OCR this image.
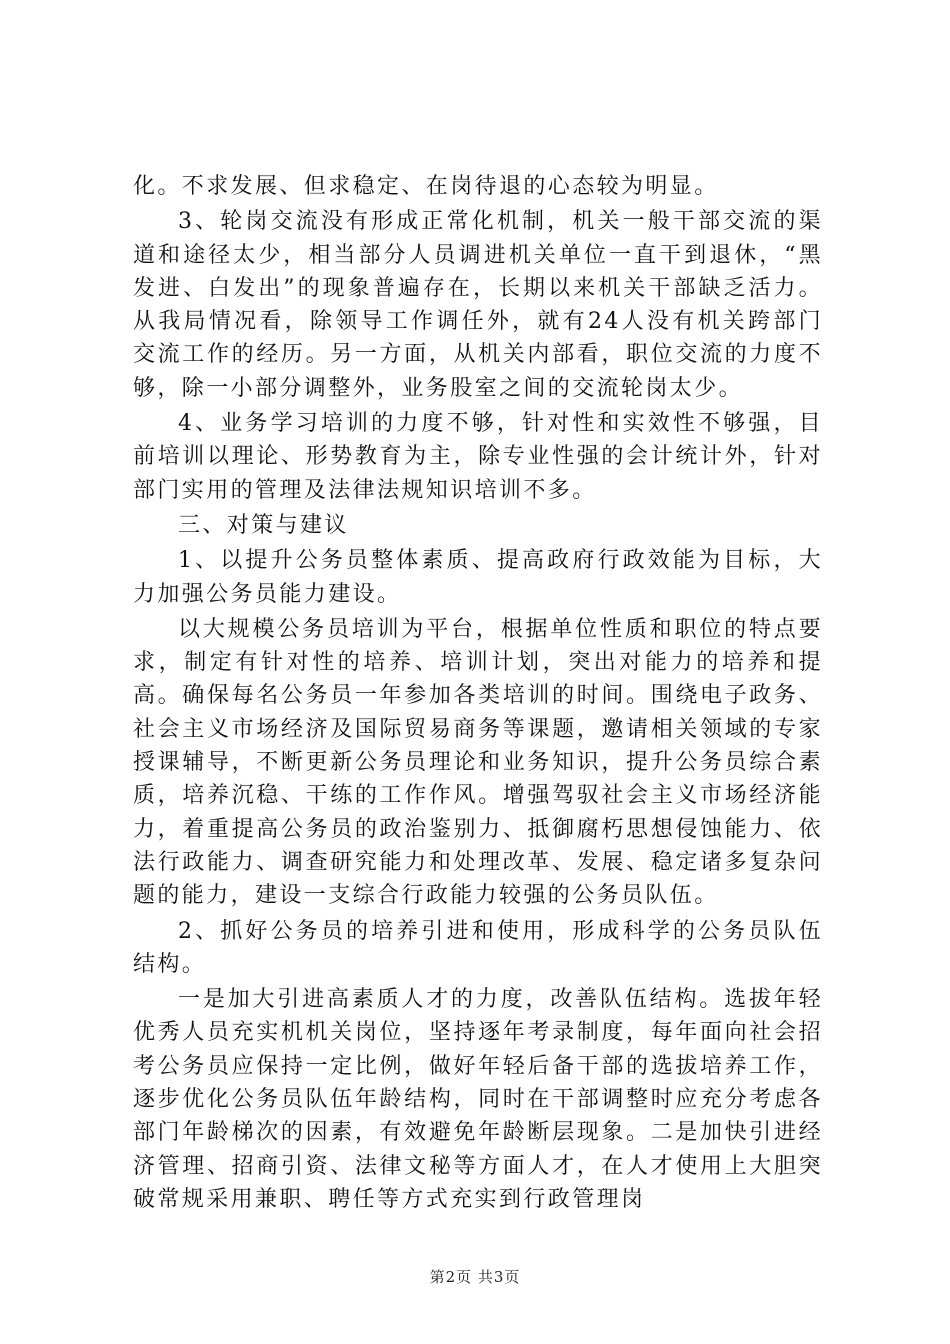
化。不求发展、但求稳定、在岗待退的心态较为明显。

3、轮岗交流没有形成正常化机制，机关一般干部交流的渠道和途径太少，相当部分人员调进机关单位一直干到退休，“黑发进、白发出”的现象普遍存在，长期以来机关干部缺乏活力。从我局情况看，除领导工作调任外，就有24人没有机关跨部门交流工作的经历。另一方面，从机关内部看，职位交流的力度不够，除一小部分调整外，业务股室之间的交流轮岗太少。

4、业务学习培训的力度不够，针对性和实效性不够强，目前培训以理论、形势教育为主，除专业性强的会计统计外，针对部门实用的管理及法律法规知识培训不多。

三、对策与建议

1、以提升公务员整体素质、提高政府行政效能为目标，大力加强公务员能力建设。

以大规模公务员培训为平台，根据单位性质和职位的特点要求，制定有针对性的培养、培训计划，突出对能力的培养和提高。确保每名公务员一年参加各类培训的时间。围绕电子政务、社会主义市场经济及国际贸易商务等课题，邀请相关领域的专家授课辅导，不断更新公务员理论和业务知识，提升公务员综合素质，培养沉稳、干练的工作作风。增强驾驭社会主义市场经济能力，着重提高公务员的政治鉴别力、抵御腐朽思想侵蚀能力、依法行政能力、调查研究能力和处理改革、发展、稳定诸多复杂问题的能力，建设一支综合行政能力较强的公务员队伍。

2、抓好公务员的培养引进和使用，形成科学的公务员队伍结构。

一是加大引进高素质人才的力度，改善队伍结构。选拔年轻优秀人员充实机机关岗位，坚持逐年考录制度，每年面向社会招考公务员应保持一定比例，做好年轻后备干部的选拔培养工作，逐步优化公务员队伍年龄结构，同时在干部调整时应充分考虑各部门年龄梯次的因素，有效避免年龄断层现象。二是加快引进经济管理、招商引资、法律文秘等方面人才，在人才使用上大胆突破常规采用兼职、聘任等方式充实到行政管理岗

第2页 共3页
